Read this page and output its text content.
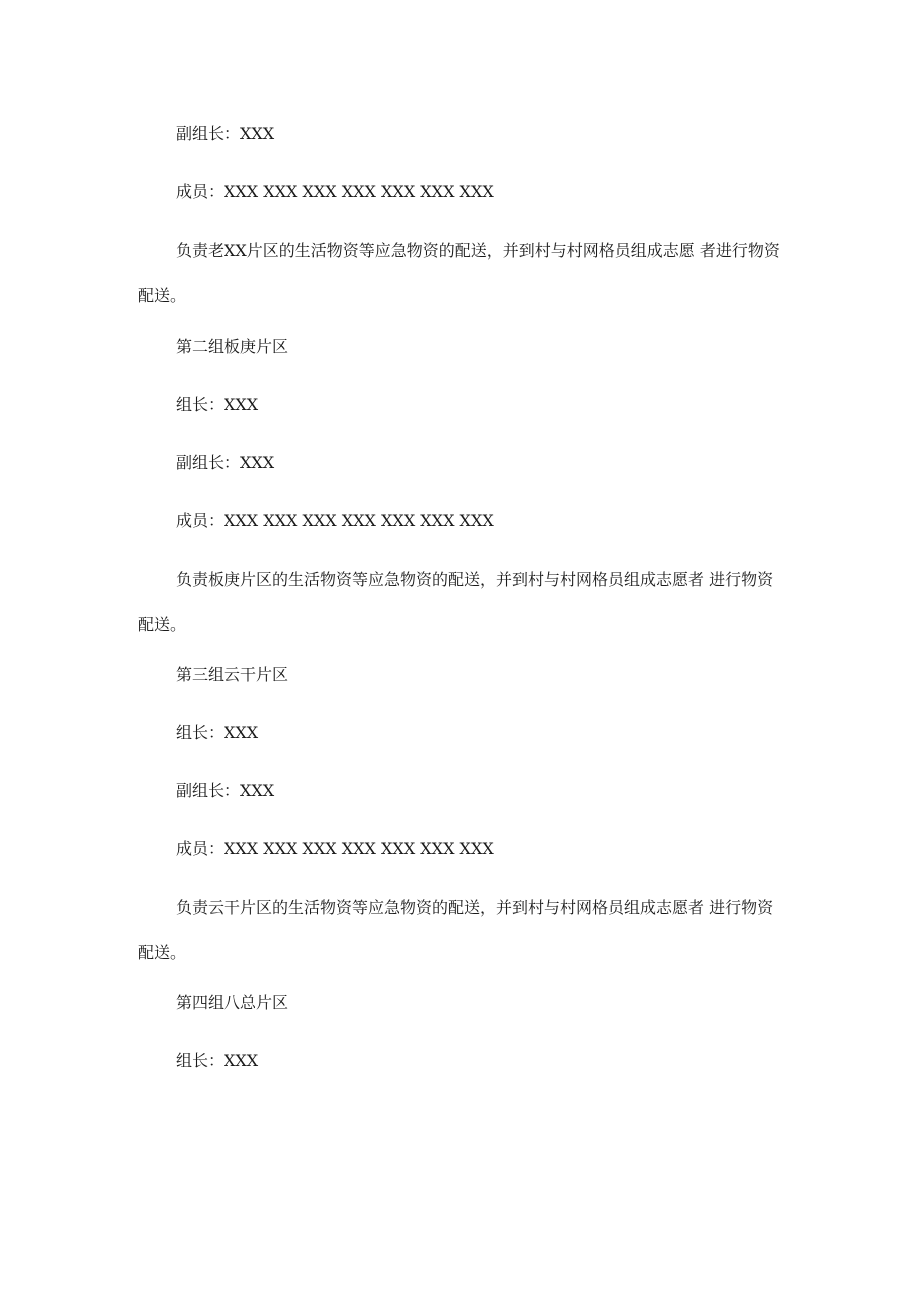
副组长：XXX

成员：XXX XXX XXX XXX XXX XXX XXX

负责老XX片区的生活物资等应急物资的配送，并到村与村网格员组成志愿 者进行物资配送。

第二组板庚片区

组长：XXX

副组长：XXX

成员：XXX XXX XXX XXX XXX XXX XXX

负责板庚片区的生活物资等应急物资的配送，并到村与村网格员组成志愿者 进行物资配送。

第三组云干片区

组长：XXX

副组长：XXX

成员：XXX XXX XXX XXX XXX XXX XXX

负责云干片区的生活物资等应急物资的配送，并到村与村网格员组成志愿者 进行物资配送。

第四组八总片区

组长：XXX
